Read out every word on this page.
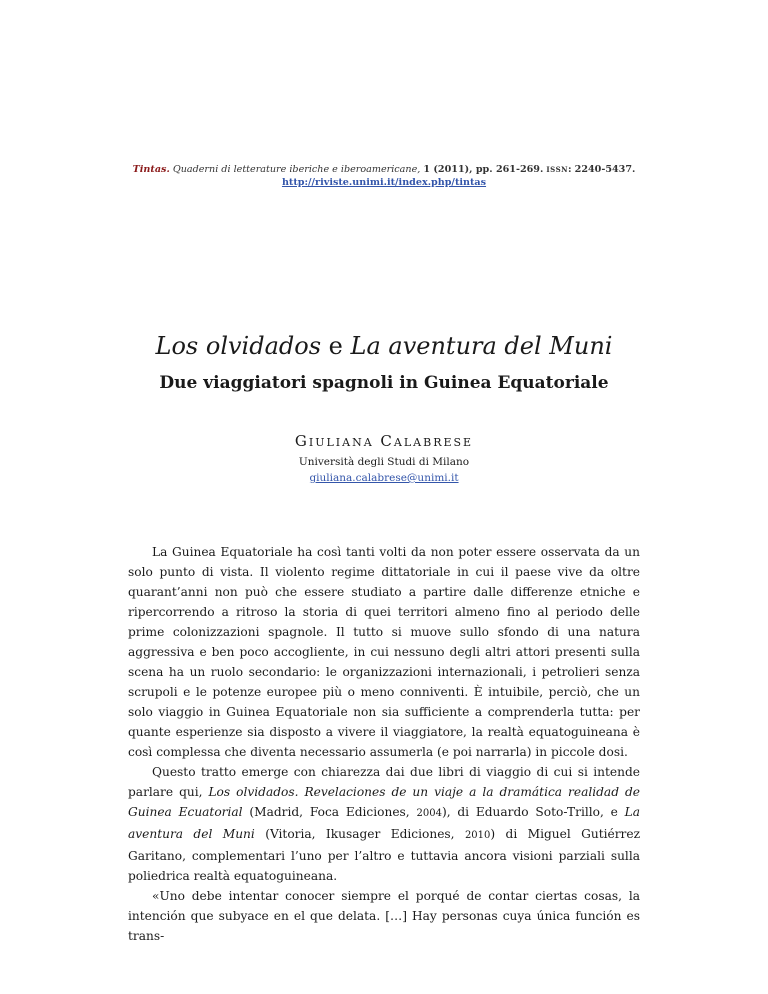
Tintas. Quaderni di letterature iberiche e iberoamericane, 1 (2011), pp. 261-269. issn: 2240-5437.
http://riviste.unimi.it/index.php/tintas
Los olvidados e La aventura del Muni
Due viaggiatori spagnoli in Guinea Equatoriale
Giuliana Calabrese
Università degli Studi di Milano
giuliana.calabrese@unimi.it

La Guinea Equatoriale ha così tanti volti da non poter essere osservata da un solo punto di vista. Il violento regime dittatoriale in cui il paese vive da oltre quarant’anni non può che essere studiato a partire dalle differenze etniche e ripercorrendo a ritroso la storia di quei territori almeno fino al periodo delle prime colonizzazioni spagnole. Il tutto si muove sullo sfondo di una natura aggressiva e ben poco accogliente, in cui nessuno degli altri attori presenti sulla scena ha un ruolo secondario: le organizzazioni internazionali, i petrolieri senza scrupoli e le potenze europee più o meno conniventi. È intuibile, perciò, che un solo viaggio in Guinea Equatoriale non sia sufficiente a comprenderla tutta: per quante esperienze sia disposto a vivere il viaggiatore, la realtà equatoguineana è così complessa che diventa necessario assumerla (e poi narrarla) in piccole dosi.

Questo tratto emerge con chiarezza dai due libri di viaggio di cui si intende parlare qui, Los olvidados. Revelaciones de un viaje a la dramática realidad de Guinea Ecuatorial (Madrid, Foca Ediciones, 2004), di Eduardo Soto-Trillo, e La aventura del Muni (Vitoria, Ikusager Ediciones, 2010) di Miguel Gutiérrez Garitano, complementari l’uno per l’altro e tuttavia ancora visioni parziali sulla poliedrica realtà equatoguineana.

«Uno debe intentar conocer siempre el porqué de contar ciertas cosas, la intención que subyace en el que delata. […] Hay personas cuya única función es trans-
